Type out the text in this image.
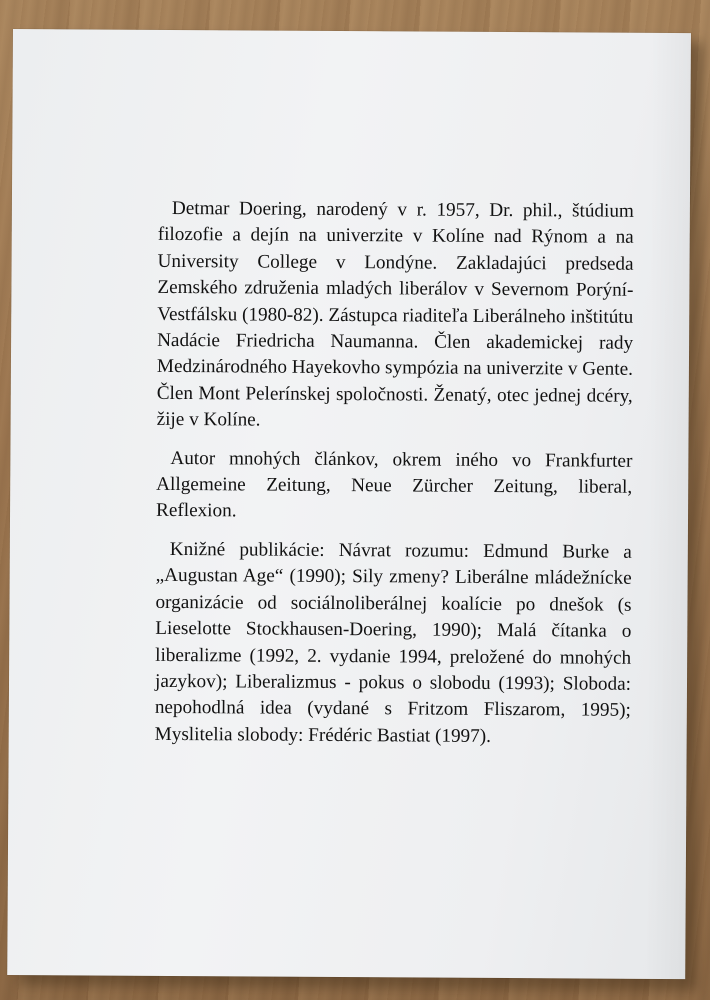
Detmar Doering, narodený v r. 1957, Dr. phil., štúdium filozofie a dejín na univerzite v Kolíne nad Rýnom a na University College v Londýne. Zakladajúci predseda Zemského združenia mladých liberálov v Severnom Porýní-Vestfálsku (1980-82). Zástupca riaditeľa Liberálneho inštitútu Nadácie Friedricha Naumanna. Člen akademickej rady Medzinárodného Hayekovho sympózia na univerzite v Gente. Člen Mont Pelerínskej spoločnosti. Ženatý, otec jednej dcéry, žije v Kolíne.

Autor mnohých článkov, okrem iného vo Frankfurter Allgemeine Zeitung, Neue Zürcher Zeitung, liberal, Reflexion.

Knižné publikácie: Návrat rozumu: Edmund Burke a „Augustan Age“ (1990); Sily zmeny? Liberálne mládežnícke organizácie od sociálnoliberálnej koalície po dnešok (s Lieselotte Stockhausen-Doering, 1990); Malá čítanka o liberalizme (1992, 2. vydanie 1994, preložené do mnohých jazykov); Liberalizmus - pokus o slobodu (1993); Sloboda: nepohodlná idea (vydané s Fritzom Fliszarom, 1995); Myslitelia slobody: Frédéric Bastiat (1997).
